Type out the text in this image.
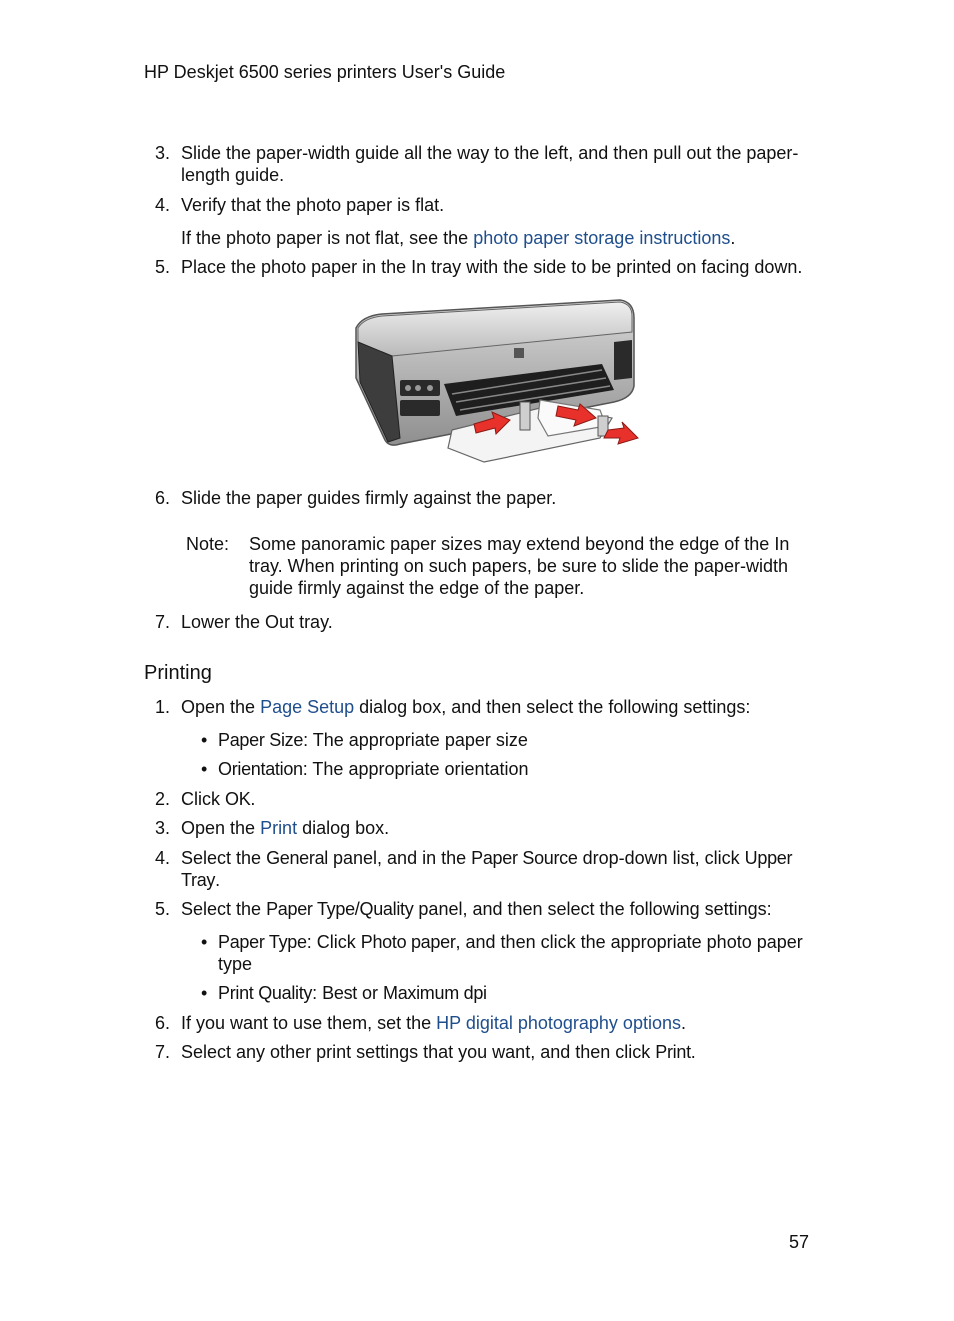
HP Deskjet 6500 series printers User's Guide
3. Slide the paper-width guide all the way to the left, and then pull out the paper-length guide.
4. Verify that the photo paper is flat.
If the photo paper is not flat, see the photo paper storage instructions.
5. Place the photo paper in the In tray with the side to be printed on facing down.
6. Slide the paper guides firmly against the paper.
Note: Some panoramic paper sizes may extend beyond the edge of the In tray. When printing on such papers, be sure to slide the paper-width guide firmly against the edge of the paper.
7. Lower the Out tray.
Printing
1. Open the Page Setup dialog box, and then select the following settings:
• Paper Size: The appropriate paper size
• Orientation: The appropriate orientation
2. Click OK.
3. Open the Print dialog box.
4. Select the General panel, and in the Paper Source drop-down list, click Upper Tray.
5. Select the Paper Type/Quality panel, and then select the following settings:
• Paper Type: Click Photo paper, and then click the appropriate photo paper type
• Print Quality: Best or Maximum dpi
6. If you want to use them, set the HP digital photography options.
7. Select any other print settings that you want, and then click Print.
57
